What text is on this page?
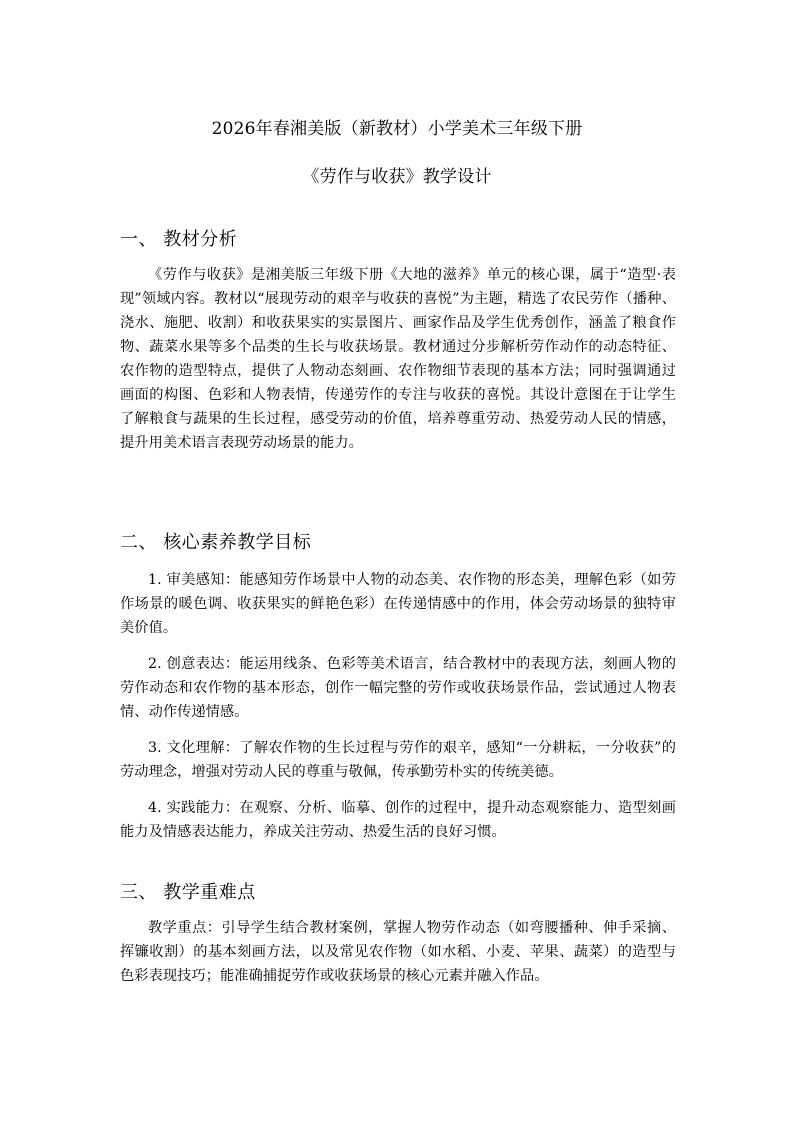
2026年春湘美版（新教材）小学美术三年级下册
《劳作与收获》教学设计
一、 教材分析

《劳作与收获》是湘美版三年级下册《大地的滋养》单元的核心课，属于“造型·表现”领域内容。教材以“展现劳动的艰辛与收获的喜悦”为主题，精选了农民劳作（播种、浇水、施肥、收割）和收获果实的实景图片、画家作品及学生优秀创作，涵盖了粮食作物、蔬菜水果等多个品类的生长与收获场景。教材通过分步解析劳作动作的动态特征、农作物的造型特点，提供了人物动态刻画、农作物细节表现的基本方法；同时强调通过画面的构图、色彩和人物表情，传递劳作的专注与收获的喜悦。其设计意图在于让学生了解粮食与蔬果的生长过程，感受劳动的价值，培养尊重劳动、热爱劳动人民的情感，提升用美术语言表现劳动场景的能力。

二、 核心素养教学目标

1. 审美感知：能感知劳作场景中人物的动态美、农作物的形态美，理解色彩（如劳作场景的暖色调、收获果实的鲜艳色彩）在传递情感中的作用，体会劳动场景的独特审美价值。

2. 创意表达：能运用线条、色彩等美术语言，结合教材中的表现方法，刻画人物的劳作动态和农作物的基本形态，创作一幅完整的劳作或收获场景作品，尝试通过人物表情、动作传递情感。

3. 文化理解：了解农作物的生长过程与劳作的艰辛，感知“一分耕耘，一分收获”的劳动理念，增强对劳动人民的尊重与敬佩，传承勤劳朴实的传统美德。

4. 实践能力：在观察、分析、临摹、创作的过程中，提升动态观察能力、造型刻画能力及情感表达能力，养成关注劳动、热爱生活的良好习惯。

三、 教学重难点

教学重点：引导学生结合教材案例，掌握人物劳作动态（如弯腰播种、伸手采摘、挥镰收割）的基本刻画方法，以及常见农作物（如水稻、小麦、苹果、蔬菜）的造型与色彩表现技巧；能准确捕捉劳作或收获场景的核心元素并融入作品。
